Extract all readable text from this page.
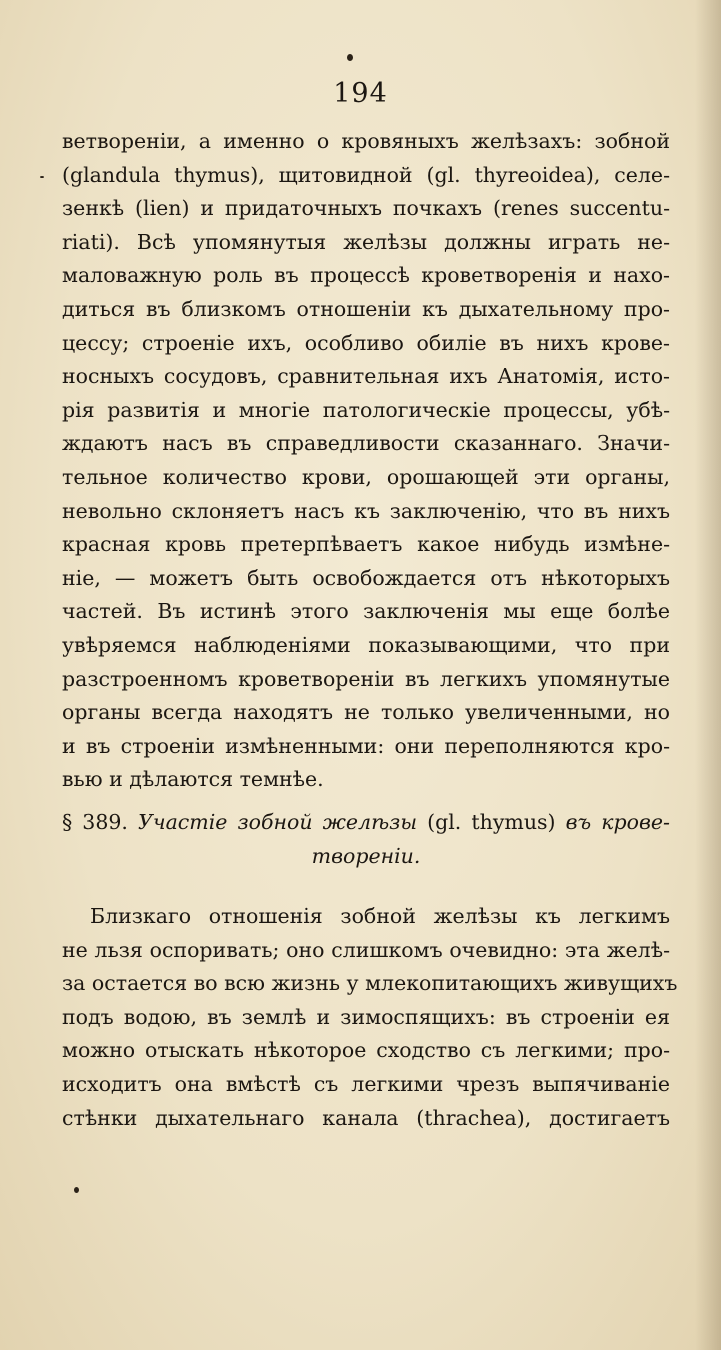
194
ветвореніи, а именно о кровяныхъ желѣзахъ: зобной
(glandula thymus), щитовидной (gl. thyreoidea), селе-
зенкѣ (lien) и придаточныхъ почкахъ (renes succentu-
riati). Всѣ упомянутыя желѣзы должны играть не-
маловажную роль въ процессѣ кроветворенія и нахо-
диться въ близкомъ отношеніи къ дыхательному про-
цессу; строеніе ихъ, особливо обиліе въ нихъ крове-
носныхъ сосудовъ, сравнительная ихъ Анатомія, исто-
рія развитія и многіе патологическіе процессы, убѣ-
ждаютъ насъ въ справедливости сказаннаго. Значи-
тельное количество крови, орошающей эти органы,
невольно склоняетъ насъ къ заключенію, что въ нихъ
красная кровь претерпѣваетъ какое нибудь измѣне-
ніе, — можетъ быть освобождается отъ нѣкоторыхъ
частей. Въ истинѣ этого заключенія мы еще болѣе
увѣряемся наблюденіями показывающими, что при
разстроенномъ кроветвореніи въ легкихъ упомянутые
органы всегда находятъ не только увеличенными, но
и въ строеніи измѣненными: они переполняются кро-
вью и дѣлаются темнѣе.
§ 389. Участіе зобной желѣзы (gl. thymus) въ крове-
твореніи.
Близкаго отношенія зобной желѣзы къ легкимъ
не льзя оспоривать; оно слишкомъ очевидно: эта желѣ-
за остается во всю жизнь у млекопитающихъ живущихъ
подъ водою, въ землѣ и зимоспящихъ: въ строеніи ея
можно отыскать нѣкоторое сходство съ легкими; про-
исходитъ она вмѣстѣ съ легкими чрезъ выпячиваніе
стѣнки дыхательнаго канала (thrachea), достигаетъ
